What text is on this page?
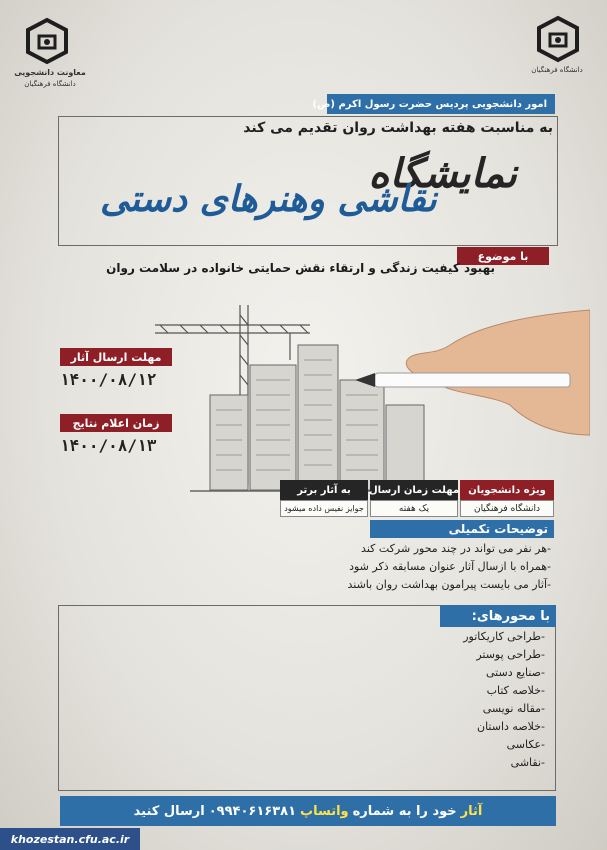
دانشگاه فرهنگیان
معاونت دانشجویی
دانشگاه فرهنگیان
امور دانشجویی پردیس حضرت رسول اکرم (ص)
به مناسبت هفته بهداشت روان تقدیم می کند
نمایشگاه
نقاشی وهنرهای دستی
با موضوع
بهبود کیفیت زندگی و ارتقاء نقش حمایتی خانواده در سلامت روان
مهلت ارسال آثار
۱۴۰۰/۰۸/۱۲
زمان اعلام نتایج
۱۴۰۰/۰۸/۱۳
ویژه دانشجویان
دانشگاه فرهنگیان
مهلت زمان ارسال
یک هفته
به آثار برتر
جوایز نفیس داده میشود
توضیحات تکمیلی
-هر نفر می تواند در چند محور شرکت کند
-همراه با ازسال آثار عنوان مسابقه ذکر شود
-آثار می بایست پیرامون بهداشت روان باشند
با محورهای:
-طراحی کاریکاتور
-طراحی پوستر
-صنایع دستی
-خلاصه کتاب
-مقاله نویسی
-خلاصه داستان
-عکاسی
-نقاشی
آثار
خود را به شماره
واتساپ
۰۹۹۴۰۶۱۶۳۸۱
ارسال کنید
khozestan.cfu.ac.ir
